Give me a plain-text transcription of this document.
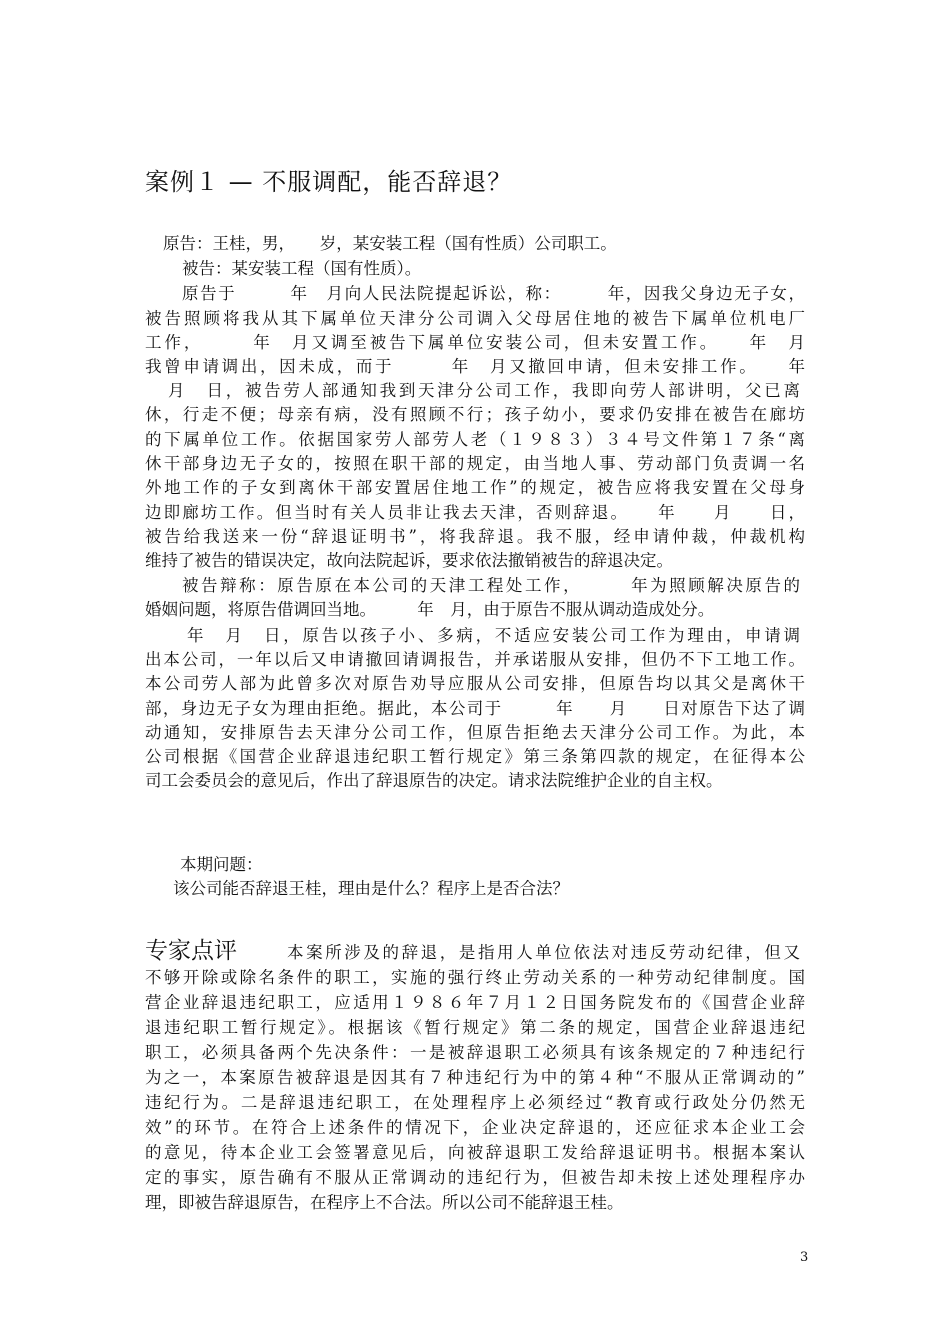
案例１ — 不服调配，能否辞退？
原告：王桂，男，　　岁，某安装工程（国有性质）公司职工。
被告：某安装工程（国有性质）。
原告于　　　年　月向人民法院提起诉讼，称：　　　年，因我父身边无子女，
被告照顾将我从其下属单位天津分公司调入父母居住地的被告下属单位机电厂
工作，　　　年　月又调至被告下属单位安装公司，但未安置工作。　　年　月
我曾申请调出，因未成，而于　　　年　月又撤回申请，但未安排工作。　　年
月　日，被告劳人部通知我到天津分公司工作，我即向劳人部讲明，父已离
休，行走不便；母亲有病，没有照顾不行；孩子幼小，要求仍安排在被告在廊坊
的下属单位工作。依据国家劳人部劳人老（１９８３）３４号文件第１７条“离
休干部身边无子女的，按照在职干部的规定，由当地人事、劳动部门负责调一名
外地工作的子女到离休干部安置居住地工作”的规定，被告应将我安置在父母身
边即廊坊工作。但当时有关人员非让我去天津，否则辞退。　　年　　月　　日，
被告给我送来一份“辞退证明书”，将我辞退。我不服，经申请仲裁，仲裁机构
维持了被告的错误决定，故向法院起诉，要求依法撤销被告的辞退决定。
被告辩称：原告原在本公司的天津工程处工作，　　　年为照顾解决原告的
婚姻问题，将原告借调回当地。　　　年　月，由于原告不服从调动造成处分。
年　月　日，原告以孩子小、多病，不适应安装公司工作为理由，申请调
出本公司，一年以后又申请撤回请调报告，并承诺服从安排，但仍不下工地工作。
本公司劳人部为此曾多次对原告劝导应服从公司安排，但原告均以其父是离休干
部，身边无子女为理由拒绝。据此，本公司于　　　年　　月　　日对原告下达了调
动通知，安排原告去天津分公司工作，但原告拒绝去天津分公司工作。为此，本
公司根据《国营企业辞退违纪职工暂行规定》第三条第四款的规定，在征得本公
司工会委员会的意见后，作出了辞退原告的决定。请求法院维护企业的自主权。
本期问题：
该公司能否辞退王桂，理由是什么？程序上是否合法？
专家点评	本案所涉及的辞退，是指用人单位依法对违反劳动纪律，但又
不够开除或除名条件的职工，实施的强行终止劳动关系的一种劳动纪律制度。国
营企业辞退违纪职工，应适用１９８６年７月１２日国务院发布的《国营企业辞
退违纪职工暂行规定》。根据该《暂行规定》第二条的规定，国营企业辞退违纪
职工，必须具备两个先决条件：一是被辞退职工必须具有该条规定的７种违纪行
为之一，本案原告被辞退是因其有７种违纪行为中的第４种“不服从正常调动的”
违纪行为。二是辞退违纪职工，在处理程序上必须经过“教育或行政处分仍然无
效”的环节。在符合上述条件的情况下，企业决定辞退的，还应征求本企业工会
的意见，待本企业工会签署意见后，向被辞退职工发给辞退证明书。根据本案认
定的事实，原告确有不服从正常调动的违纪行为，但被告却未按上述处理程序办
理，即被告辞退原告，在程序上不合法。所以公司不能辞退王桂。
3
